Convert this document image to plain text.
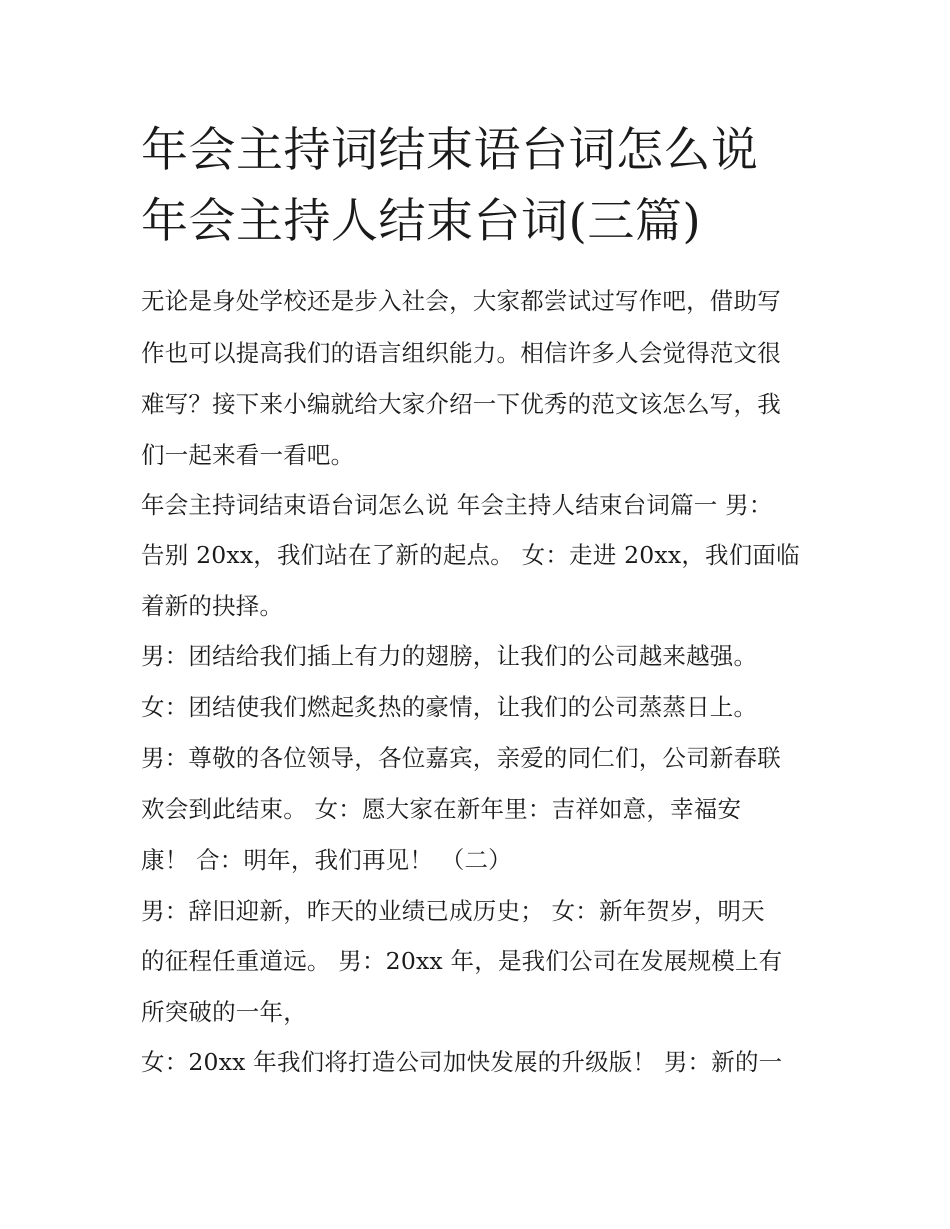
年会主持词结束语台词怎么说
年会主持人结束台词(三篇)

无论是身处学校还是步入社会，大家都尝试过写作吧，借助写

作也可以提高我们的语言组织能力。相信许多人会觉得范文很

难写？接下来小编就给大家介绍一下优秀的范文该怎么写，我

们一起来看一看吧。

年会主持词结束语台词怎么说 年会主持人结束台词篇一 男：

告别 20xx，我们站在了新的起点。 女：走进 20xx，我们面临

着新的抉择。

男：团结给我们插上有力的翅膀，让我们的公司越来越强。

女：团结使我们燃起炙热的豪情，让我们的公司蒸蒸日上。

男：尊敬的各位领导，各位嘉宾，亲爱的同仁们，公司新春联

欢会到此结束。 女：愿大家在新年里：吉祥如意，幸福安

康！ 合：明年，我们再见！ （二）

男：辞旧迎新，昨天的业绩已成历史； 女：新年贺岁，明天

的征程任重道远。 男：20xx 年，是我们公司在发展规模上有

所突破的一年，

女：20xx 年我们将打造公司加快发展的升级版！ 男：新的一
